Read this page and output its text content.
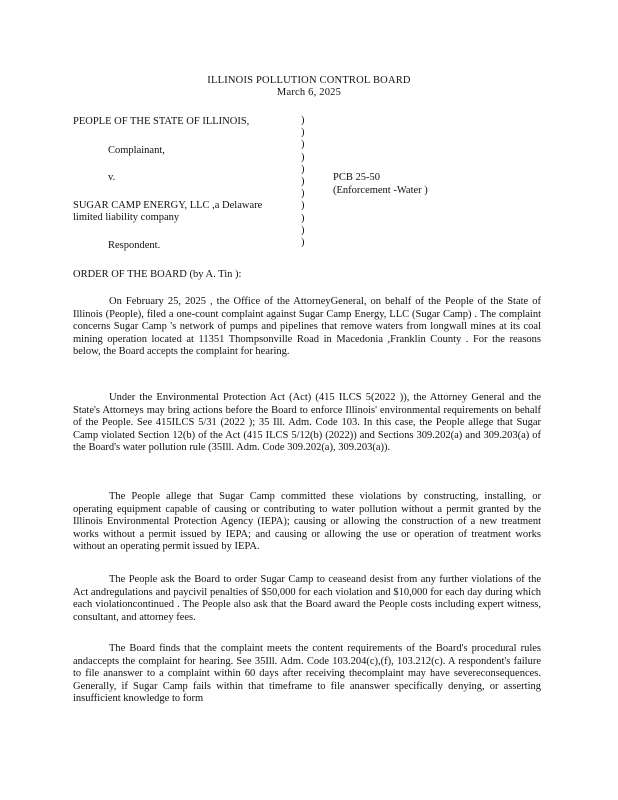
ILLINOIS POLLUTION CONTROL BOARD
March 6, 2025
PEOPLE OF THE STATE OF ILLINOIS,
Complainant,
v.
SUGAR CAMP ENERGY, LLC ,a Delaware
limited liability company
Respondent.
)
)
)
)
)
)
)
)
)
)
)
PCB 25-50
(Enforcement -Water )
ORDER OF THE BOARD (by A. Tin ):
On February 25, 2025 , the Office of the AttorneyGeneral, on behalf of the People of the State of Illinois (People), filed a one-count complaint against Sugar Camp Energy, LLC (Sugar Camp) . The complaint concerns Sugar Camp 's network of pumps and pipelines that remove waters from longwall mines at its coal mining operation located at 11351 Thompsonville Road in Macedonia ,Franklin County . For the reasons below, the Board accepts the complaint for hearing.
Under the Environmental Protection Act (Act) (415 ILCS 5(2022 )), the Attorney General and the State's Attorneys may bring actions before the Board to enforce Illinois' environmental requirements on behalf of the People. See 415ILCS 5/31 (2022 ); 35 Ill. Adm. Code 103. In this case, the People allege that Sugar Camp violated Section 12(b) of the Act (415 ILCS 5/12(b) (2022)) and Sections 309.202(a) and 309.203(a) of the Board's water pollution rule (35Ill. Adm. Code 309.202(a), 309.203(a)).
The People allege that Sugar Camp committed these violations by constructing, installing, or operating equipment capable of causing or contributing to water pollution without a permit granted by the Illinois Environmental Protection Agency (IEPA); causing or allowing the construction of a new treatment works without a permit issued by IEPA; and causing or allowing the use or operation of treatment works without an operating permit issued by IEPA.
The People ask the Board to order Sugar Camp to ceaseand desist from any further violations of the Act andregulations and paycivil penalties of $50,000 for each violation and $10,000 for each day during which each violationcontinued . The People also ask that the Board award the People costs including expert witness, consultant, and attorney fees.
The Board finds that the complaint meets the content requirements of the Board's procedural rules andaccepts the complaint for hearing. See 35Ill. Adm. Code 103.204(c),(f), 103.212(c). A respondent's failure to file ananswer to a complaint within 60 days after receiving thecomplaint may have severeconsequences. Generally, if Sugar Camp fails within that timeframe to file ananswer specifically denying, or asserting insufficient knowledge to form
